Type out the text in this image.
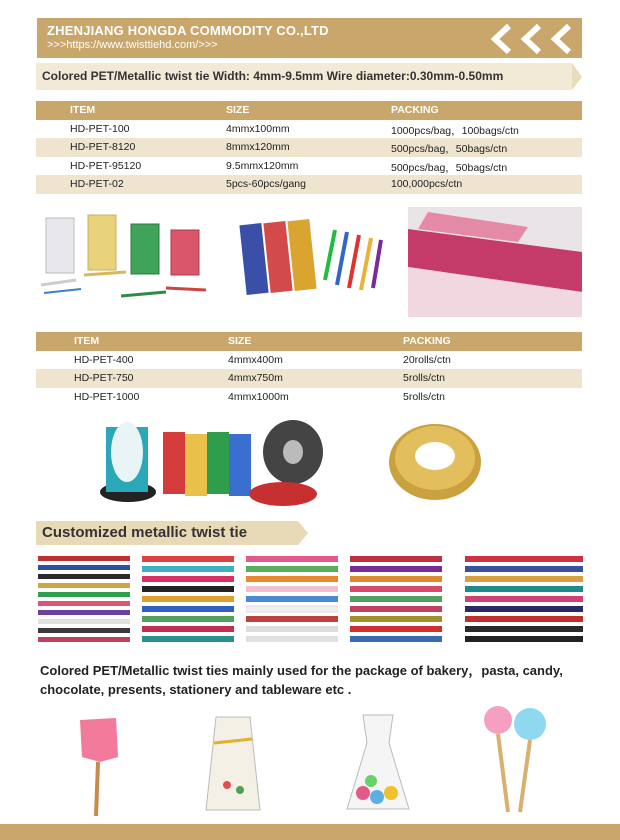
ZHENJIANG HONGDA COMMODITY CO.,LTD
>>>https://www.twisttiehd.com/>>>
Colored PET/Metallic twist tie Width: 4mm-9.5mm Wire diameter:0.30mm-0.50mm
ITEM	SIZE	PACKING
HD-PET-100	4mmx100mm	1000pcs/bag，100bags/ctn
HD-PET-8120	8mmx120mm	500pcs/bag，50bags/ctn
HD-PET-95120	9.5mmx120mm	500pcs/bag，50bags/ctn
HD-PET-02	5pcs-60pcs/gang	100,000pcs/ctn
ITEM	SIZE	PACKING
HD-PET-400	4mmx400m	20rolls/ctn
HD-PET-750	4mmx750m	5rolls/ctn
HD-PET-1000	4mmx1000m	5rolls/ctn
Customized metallic twist tie
Colored PET/Metallic twist ties mainly used for the package of bakery，pasta, candy, chocolate, presents, stationery and tableware etc .
